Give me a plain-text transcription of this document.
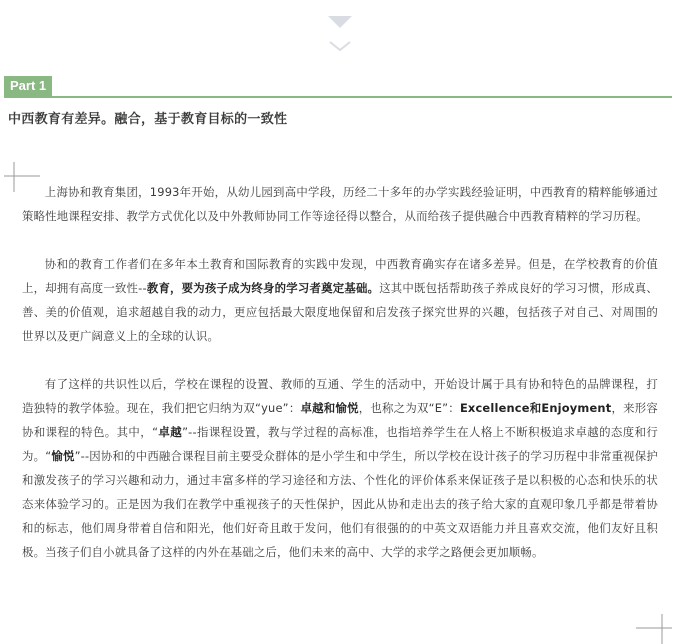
Part 1
中西教育有差异。融合，基于教育目标的一致性

上海协和教育集团，1993年开始，从幼儿园到高中学段，历经二十多年的办学实践经验证明，中西教育的精粹能够通过策略性地课程安排、教学方式优化以及中外教师协同工作等途径得以整合，从而给孩子提供融合中西教育精粹的学习历程。

协和的教育工作者们在多年本土教育和国际教育的实践中发现，中西教育确实存在诸多差异。但是，在学校教育的价值上，却拥有高度一致性--教育，要为孩子成为终身的学习者奠定基础。这其中既包括帮助孩子养成良好的学习习惯，形成真、善、美的价值观，追求超越自我的动力，更应包括最大限度地保留和启发孩子探究世界的兴趣，包括孩子对自己、对周围的世界以及更广阔意义上的全球的认识。

有了这样的共识性以后，学校在课程的设置、教师的互通、学生的活动中，开始设计属于具有协和特色的品牌课程，打造独特的教学体验。现在，我们把它归纳为双“yue”：卓越和愉悦，也称之为双“E”：Excellence和Enjoyment，来形容协和课程的特色。其中，“卓越”--指课程设置，教与学过程的高标准，也指培养学生在人格上不断积极追求卓越的态度和行为。“愉悦”--因协和的中西融合课程目前主要受众群体的是小学生和中学生，所以学校在设计孩子的学习历程中非常重视保护和激发孩子的学习兴趣和动力，通过丰富多样的学习途径和方法、个性化的评价体系来保证孩子是以积极的心态和快乐的状态来体验学习的。正是因为我们在教学中重视孩子的天性保护，因此从协和走出去的孩子给大家的直观印象几乎都是带着协和的标志，他们周身带着自信和阳光，他们好奇且敢于发问，他们有很强的的中英文双语能力并且喜欢交流，他们友好且积极。当孩子们自小就具备了这样的内外在基础之后，他们未来的高中、大学的求学之路便会更加顺畅。
